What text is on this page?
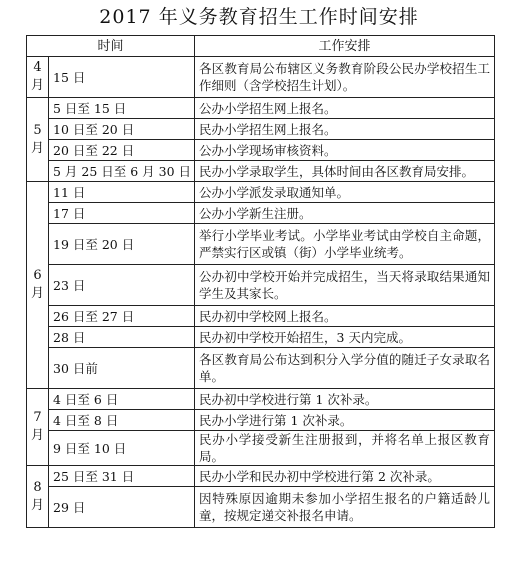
2017 年义务教育招生工作时间安排
时间		工作安排

4
月	15 日	各区教育局公布辖区义务教育阶段公民办学校招生工作细则（含学校招生计划）。

5
月	5 日至 15 日	公办小学招生网上报名。
	10 日至 20 日	民办小学招生网上报名。
	20 日至 22 日	公办小学现场审核资料。
	5 月 25 日至 6 月 30 日	民办小学录取学生，具体时间由各区教育局安排。

6
月	11 日	公办小学派发录取通知单。
	17 日	公办小学新生注册。
	19 日至 20 日	举行小学毕业考试。小学毕业考试由学校自主命题，严禁实行区或镇（街）小学毕业统考。
	23 日	公办初中学校开始并完成招生，当天将录取结果通知学生及其家长。
	26 日至 27 日	民办初中学校网上报名。
	28 日	民办初中学校开始招生，3 天内完成。
	30 日前	各区教育局公布达到积分入学分值的随迁子女录取名单。

7
月	4 日至 6 日	民办初中学校进行第 1 次补录。
	4 日至 8 日	民办小学进行第 1 次补录。
	9 日至 10 日	民办小学接受新生注册报到，并将名单上报区教育局。

8
月	25 日至 31 日	民办小学和民办初中学校进行第 2 次补录。
	29 日	因特殊原因逾期未参加小学招生报名的户籍适龄儿童，按规定递交补报名申请。
